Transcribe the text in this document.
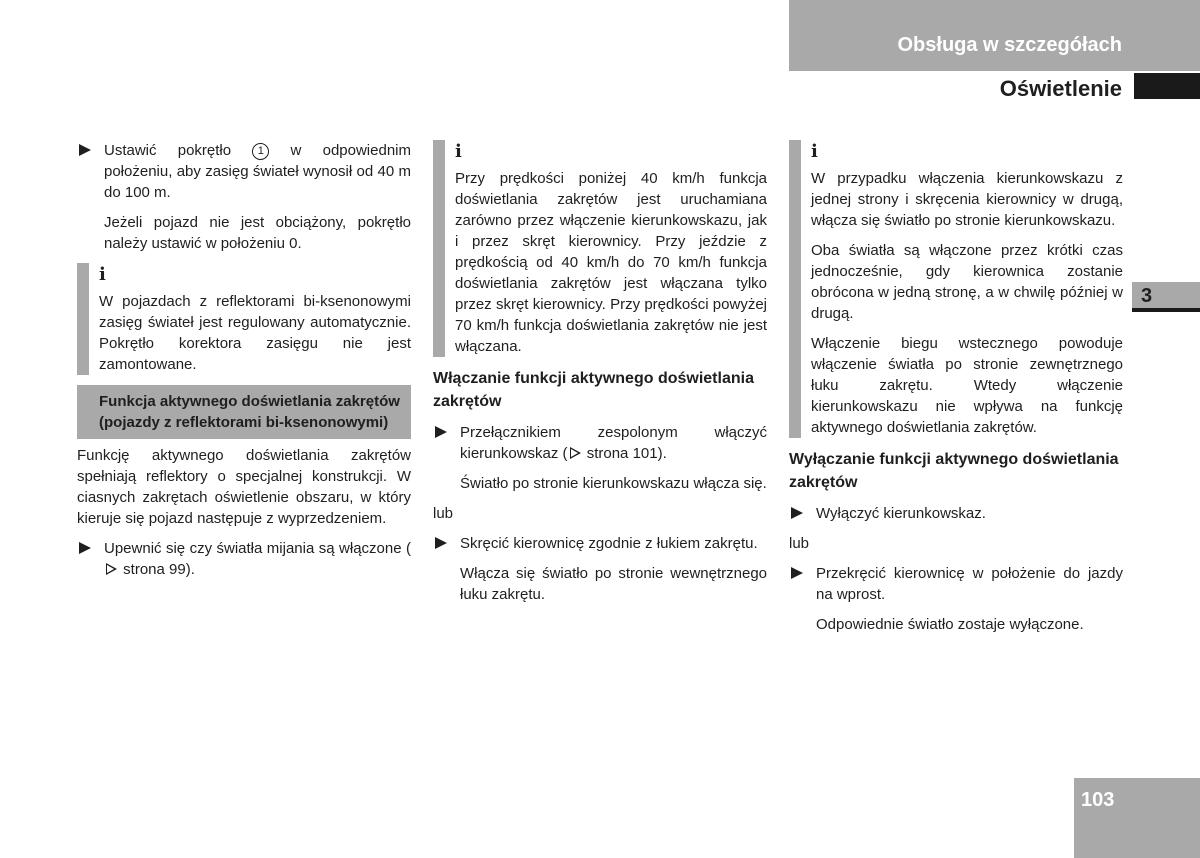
Obsługa w szczegółach
Oświetlenie
3
103
Ustawić pokrętło 1 w odpowiednim położeniu, aby zasięg świateł wynosił od 40 m do 100 m.

Jeżeli pojazd nie jest obciążony, pokrętło należy ustawić w położeniu 0.

i

W pojazdach z reflektorami bi-ksenonowymi zasięg świateł jest regulowany automatycznie. Pokrętło korektora zasięgu nie jest zamontowane.

Funkcja aktywnego doświetlania zakrętów (pojazdy z reflektorami bi-ksenonowymi)

Funkcję aktywnego doświetlania zakrętów spełniają reflektory o specjalnej konstrukcji. W ciasnych zakrętach oświetlenie obszaru, w który kieruje się pojazd następuje z wyprzedzeniem.

Upewnić się czy światła mijania są włączone ( strona 99).
i

Przy prędkości poniżej 40 km/h funkcja doświetlania zakrętów jest uruchamiana zarówno przez włączenie kierunkowskazu, jak i przez skręt kierownicy. Przy jeździe z prędkością od 40 km/h do 70 km/h funkcja doświetlania zakrętów jest włączana tylko przez skręt kierownicy. Przy prędkości powyżej 70 km/h funkcja doświetlania zakrętów nie jest włączana.

Włączanie funkcji aktywnego doświetlania zakrętów
Przełącznikiem zespolonym włączyć kierunkowskaz ( strona 101).

Światło po stronie kierunkowskazu włącza się.

lub

Skręcić kierownicę zgodnie z łukiem zakrętu.

Włącza się światło po stronie wewnętrznego łuku zakrętu.

i

W przypadku włączenia kierunkowskazu z jednej strony i skręcenia kierownicy w drugą, włącza się światło po stronie kierunkowskazu.

Oba światła są włączone przez krótki czas jednocześnie, gdy kierownica zostanie obrócona w jedną stronę, a w chwilę później w drugą.

Włączenie biegu wstecznego powoduje włączenie światła po stronie zewnętrznego łuku zakrętu. Wtedy włączenie kierunkowskazu nie wpływa na funkcję aktywnego doświetlania zakrętów.

Wyłączanie funkcji aktywnego doświetlania zakrętów
Wyłączyć kierunkowskaz.

lub

Przekręcić kierownicę w położenie do jazdy na wprost.

Odpowiednie światło zostaje wyłączone.
